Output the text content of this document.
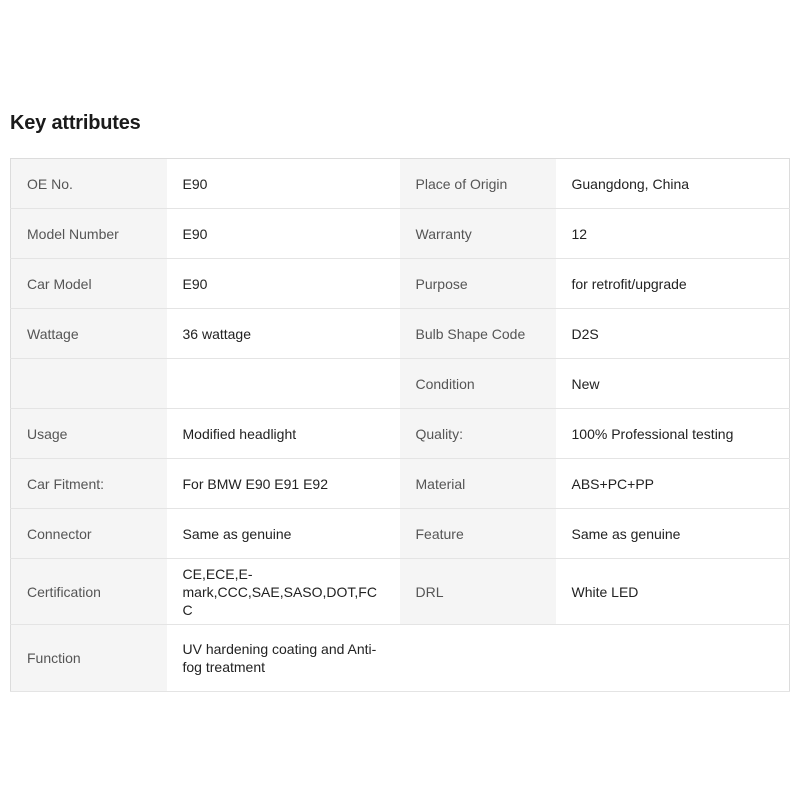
Key attributes
OE No.	E90	Place of Origin	Guangdong, China
Model Number	E90	Warranty	12
Car Model	E90	Purpose	for retrofit/upgrade
Wattage	36 wattage	Bulb Shape Code	D2S
		Condition	New
Usage	Modified headlight	Quality:	100% Professional testing
Car Fitment:	For BMW E90 E91 E92	Material	ABS+PC+PP
Connector	Same as genuine	Feature	Same as genuine
Certification	CE,ECE,E-mark,CCC,SAE,SASO,DOT,FCC	DRL	White LED
Function	UV hardening coating and Anti-fog treatment		
